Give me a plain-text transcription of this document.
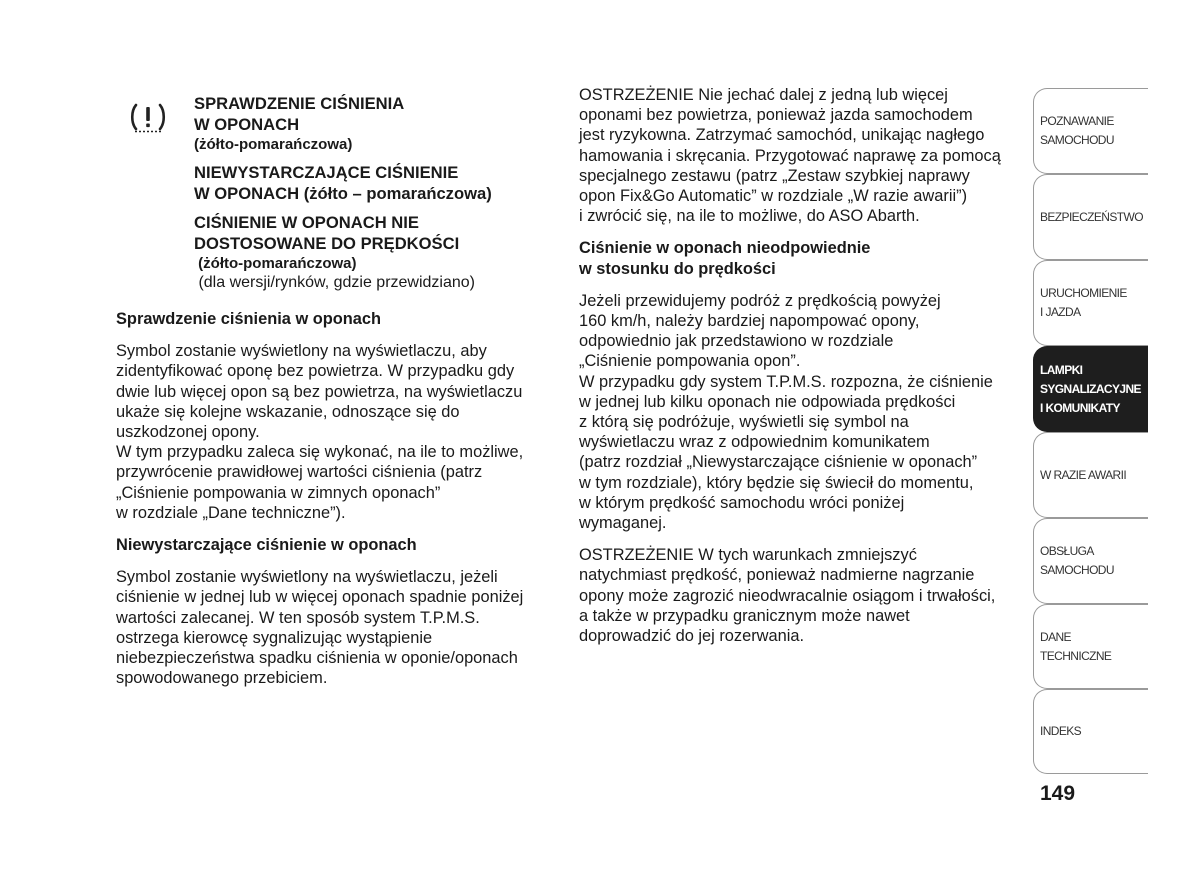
SPRAWDZENIE CIŚNIENIA
W OPONACH

(żółto-pomarańczowa)

NIEWYSTARCZAJĄCE CIŚNIENIE
W OPONACH (żółto – pomarańczowa)

CIŚNIENIE W OPONACH NIE
DOSTOSOWANE DO PRĘDKOŚCI

(żółto-pomarańczowa)

(dla wersji/rynków, gdzie przewidziano)

Sprawdzenie ciśnienia w oponach

Symbol zostanie wyświetlony na wyświetlaczu, aby
zidentyfikować oponę bez powietrza. W przypadku gdy
dwie lub więcej opon są bez powietrza, na wyświetlaczu
ukaże się kolejne wskazanie, odnoszące się do
uszkodzonej opony.
W tym przypadku zaleca się wykonać, na ile to możliwe,
przywrócenie prawidłowej wartości ciśnienia (patrz
„Ciśnienie pompowania w zimnych oponach”
w rozdziale „Dane techniczne”).

Niewystarczające ciśnienie w oponach

Symbol zostanie wyświetlony na wyświetlaczu, jeżeli
ciśnienie w jednej lub w więcej oponach spadnie poniżej
wartości zalecanej. W ten sposób system T.P.M.S.
ostrzega kierowcę sygnalizując wystąpienie
niebezpieczeństwa spadku ciśnienia w oponie/oponach
spowodowanego przebiciem.

OSTRZEŻENIE Nie jechać dalej z jedną lub więcej
oponami bez powietrza, ponieważ jazda samochodem
jest ryzykowna. Zatrzymać samochód, unikając nagłego
hamowania i skręcania. Przygotować naprawę za pomocą
specjalnego zestawu (patrz „Zestaw szybkiej naprawy
opon Fix&Go Automatic” w rozdziale „W razie awarii”)
i zwrócić się, na ile to możliwe, do ASO Abarth.

Ciśnienie w oponach nieodpowiednie
w stosunku do prędkości

Jeżeli przewidujemy podróż z prędkością powyżej
160 km/h, należy bardziej napompować opony,
odpowiednio jak przedstawiono w rozdziale
„Ciśnienie pompowania opon”.
W przypadku gdy system T.P.M.S. rozpozna, że ciśnienie
w jednej lub kilku oponach nie odpowiada prędkości
z którą się podróżuje, wyświetli się symbol na
wyświetlaczu wraz z odpowiednim komunikatem
(patrz rozdział „Niewystarczające ciśnienie w oponach”
w tym rozdziale), który będzie się świecił do momentu,
w którym prędkość samochodu wróci poniżej
wymaganej.

OSTRZEŻENIE W tych warunkach zmniejszyć
natychmiast prędkość, ponieważ nadmierne nagrzanie
opony może zagrozić nieodwracalnie osiągom i trwałości,
a także w przypadku granicznym może nawet
doprowadzić do jej rozerwania.

POZNAWANIE
SAMOCHODU
BEZPIECZEŃSTWO
URUCHOMIENIE
I JAZDA
LAMPKI
SYGNALIZACYJNE
I KOMUNIKATY
W RAZIE AWARII
OBSŁUGA
SAMOCHODU
DANE
TECHNICZNE
INDEKS
149
